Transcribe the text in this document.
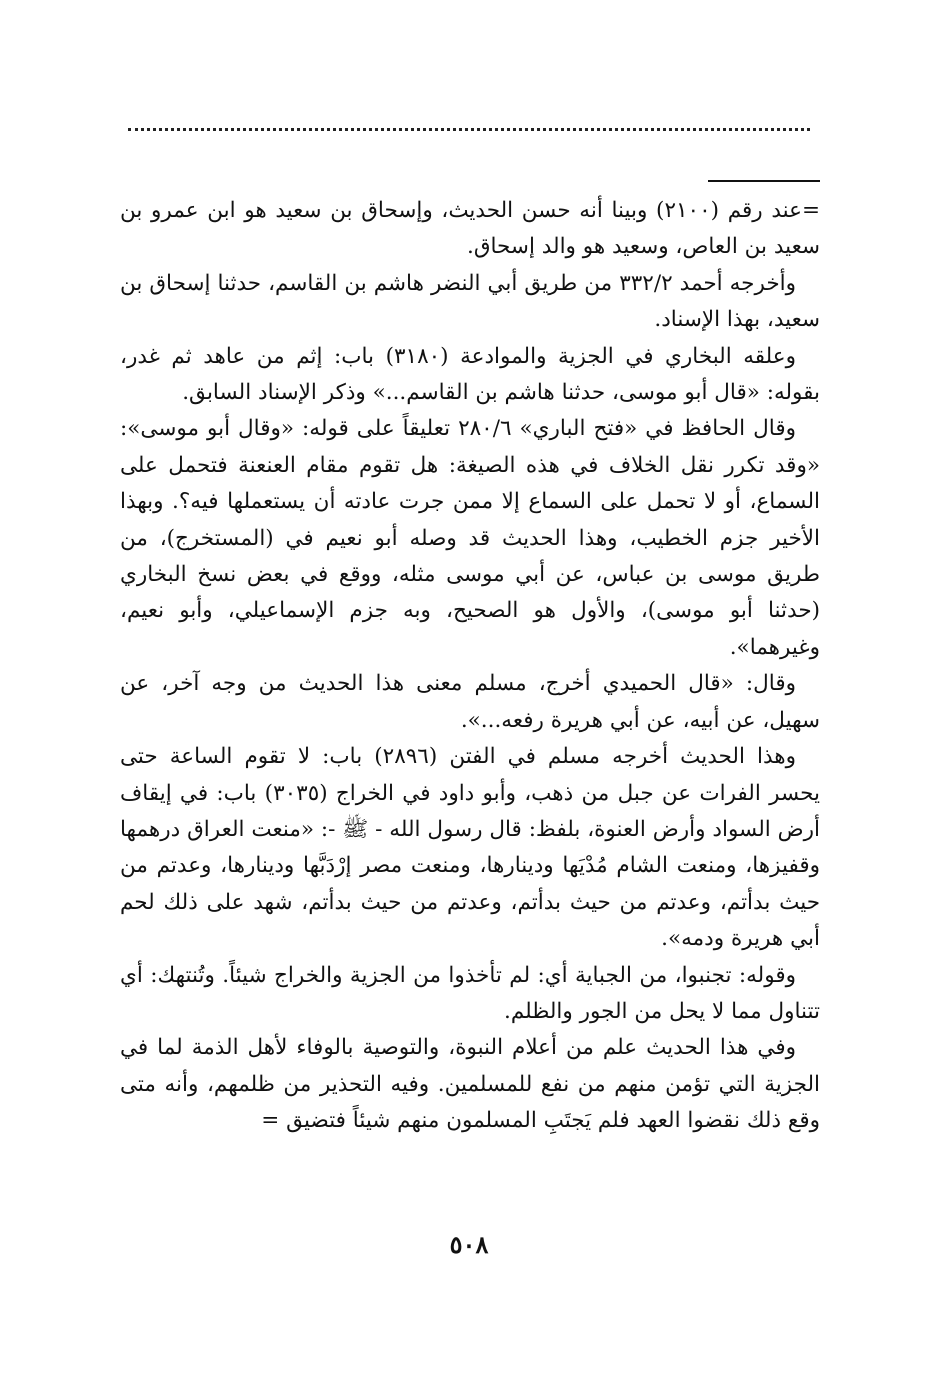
=عند رقم (٢١٠٠) وبينا أنه حسن الحديث، وإسحاق بن سعيد هو ابن عمرو بن سعيد بن العاص، وسعيد هو والد إسحاق.

وأخرجه أحمد ٣٣٢/٢ من طريق أبي النضر هاشم بن القاسم، حدثنا إسحاق بن سعيد، بهذا الإسناد.

وعلقه البخاري في الجزية والموادعة (٣١٨٠) باب: إثم من عاهد ثم غدر، بقوله: «قال أبو موسى، حدثنا هاشم بن القاسم...» وذكر الإسناد السابق.

وقال الحافظ في «فتح الباري» ٢٨٠/٦ تعليقاً على قوله: «وقال أبو موسى»: «وقد تكرر نقل الخلاف في هذه الصيغة: هل تقوم مقام العنعنة فتحمل على السماع، أو لا تحمل على السماع إلا ممن جرت عادته أن يستعملها فيه؟. وبهذا الأخير جزم الخطيب، وهذا الحديث قد وصله أبو نعيم في (المستخرج)، من طريق موسى بن عباس، عن أبي موسى مثله، ووقع في بعض نسخ البخاري (حدثنا أبو موسى)، والأول هو الصحيح، وبه جزم الإسماعيلي، وأبو نعيم، وغيرهما».

وقال: «قال الحميدي أخرج، مسلم معنى هذا الحديث من وجه آخر، عن سهيل، عن أبيه، عن أبي هريرة رفعه...».

وهذا الحديث أخرجه مسلم في الفتن (٢٨٩٦) باب: لا تقوم الساعة حتى يحسر الفرات عن جبل من ذهب، وأبو داود في الخراج (٣٠٣٥) باب: في إيقاف أرض السواد وأرض العنوة، بلفظ: قال رسول الله - ﷺ -: «منعت العراق درهمها وقفيزها، ومنعت الشام مُدْيَها ودينارها، ومنعت مصر إرْدَبَّها ودينارها، وعدتم من حيث بدأتم، وعدتم من حيث بدأتم، وعدتم من حيث بدأتم، شهد على ذلك لحم أبي هريرة ودمه».

وقوله: تجنبوا، من الجباية أي: لم تأخذوا من الجزية والخراج شيئاً. وتُنتهك: أي تتناول مما لا يحل من الجور والظلم.

وفي هذا الحديث علم من أعلام النبوة، والتوصية بالوفاء لأهل الذمة لما في الجزية التي تؤمن منهم من نفع للمسلمين. وفيه التحذير من ظلمهم، وأنه متى وقع ذلك نقضوا العهد فلم يَجتَبِ المسلمون منهم شيئاً فتضيق =

٥٠٨
